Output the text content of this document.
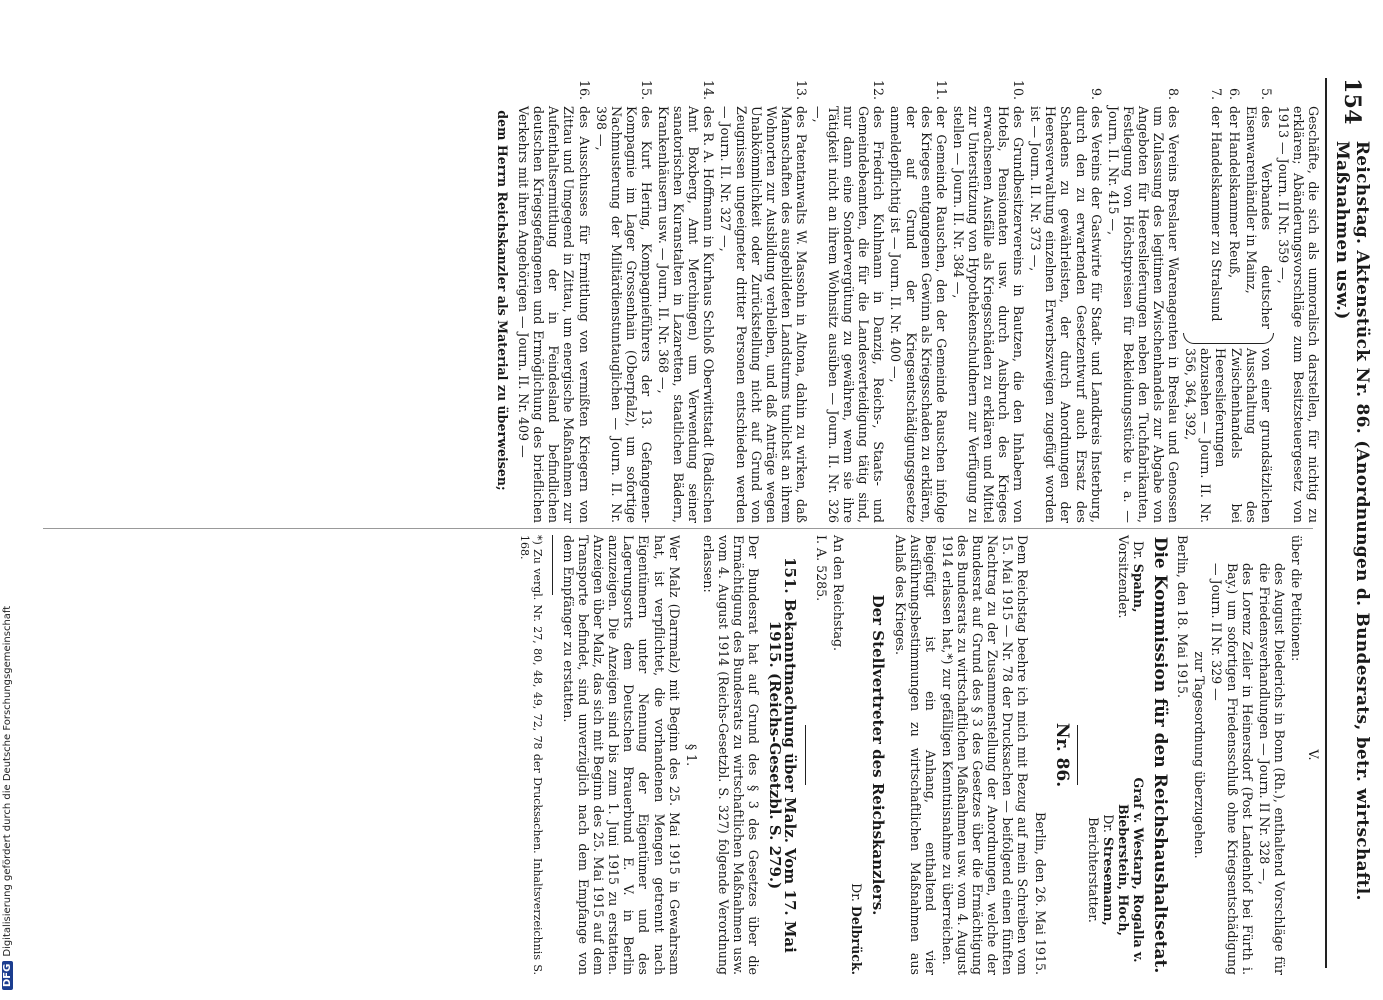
DFGDigitalisierung gefördert durch die Deutsche Forschungsgemeinschaft
154
Reichstag. Aktenstück Nr. 86. (Anordnungen d. Bundesrats, betr. wirtschaftl. Maßnahmen usw.)

Geschäfte, die sich als unmoralisch darstellen, für nichtig zu erklären; Abänderungsvorschläge zum Besitzsteuergesetz von 1913 — Journ. II Nr. 359 —,

5.
des Verbandes deutscher Eisenwarenhändler in Mainz,
6.
der Handelskammer Reuß,
7.
der Handelskammer zu Stralsund
von einer grundsätzlichen Ausschaltung des Zwischenhandels bei Heereslieferungen abzusehen — Journ. II. Nr. 356, 364, 392,
8.
des Vereins Breslauer Warenagenten in Breslau und Genossen um Zulassung des legitimen Zwischenhandels zur Abgabe von Angeboten für Heereslieferungen neben den Tuchfabrikanten, Festlegung von Höchstpreisen für Bekleidungsstücke u. a. — Journ. II. Nr. 415 —,
9.
des Vereins der Gastwirte für Stadt- und Landkreis Insterburg, durch den zu erwartenden Gesetzentwurf auch Ersatz des Schadens zu gewährleisten, der durch Anordnungen der Heeresverwaltung einzelnen Erwerbszweigen zugefügt worden ist — Journ. II. Nr. 373 —,
10.
des Grundbesitzervereins in Bautzen, die den Inhabern von Hotels, Pensionaten usw. durch Ausbruch des Krieges erwachsenen Ausfälle als Kriegsschäden zu erklären und Mittel zur Unterstützung von Hypothekenschuldnern zur Verfügung zu stellen — Journ. II. Nr. 384 —,
11.
der Gemeinde Rauschen, den der Gemeinde Rauschen infolge des Krieges entgangenen Gewinn als Kriegsschaden zu erklären, der auf Grund der Kriegsentschädigungsgesetze anmeldepflichtig ist — Journ. II. Nr. 400 —,
12.
des Friedrich Kuhlmann in Danzig, Reichs-, Staats- und Gemeindebeamten, die für die Landesverteidigung tätig sind, nur dann eine Sondervergütung zu gewähren, wenn sie ihre Tätigkeit nicht an ihrem Wohnsitz ausüben — Journ. II. Nr. 326 —,
13.
des Patentanwalts W. Massohn in Altona, dahin zu wirken, daß Mannschaften des ausgebildeten Landsturms tunlichst an ihrem Wohnorten zur Ausbildung verbleiben, und daß Anträge wegen Unabkömmlichkeit oder Zurückstellung nicht auf Grund von Zeugnissen ungeeigneter dritter Personen entschieden werden — Journ. II. Nr. 327 —,
14.
des R. A. Hoffmann in Kurhaus Schloß Oberwittstadt (Badischen Amt Boxberg, Amt Merchingen) um Verwendung seiner sanatorischen Kuranstalten in Lazaretten, staatlichen Bädern, Krankenhäusern usw. — Journ. II. Nr. 368 —,
15.
des Kurt Hering, Kompagnieführers der 13. Gefangenen-Kompagnie im Lager Grossenhain (Oberpfalz), um sofortige Nachmusterung der Militärdienstuntauglichen — Journ. II. Nr. 398 —,
16.
des Ausschusses für Ermittlung von vermißten Kriegern von Zittau und Umgegend in Zittau, um energische Maßnahmen zur Aufenthaltsermittlung der in Feindesland befindlichen deutschen Kriegsgefangenen und Ermöglichung des brieflichen Verkehrs mit ihren Angehörigen — Journ. II. Nr. 409 —

dem Herrn Reichskanzler als Material zu überweisen;

V.

über die Petitionen:

des August Diederichs in Bonn (Rh.), enthaltend Vorschläge für die Friedensverhandlungen — Journ. II Nr. 328 —,

des Lorenz Zeiler in Heinersdorf (Post Landenhof bei Fürth i. Bay.) um sofortigen Friedensschluß ohne Kriegsentschädigung — Journ. II Nr. 329 —

zur Tagesordnung überzugehen.

Berlin, den 18. Mai 1915.

Die Kommission für den Reichshaushaltsetat.
Dr. Spahn,
Vorsitzender.
Graf v. Westarp, Rogalla v. Bieberstein, Hoch,
Dr. Stresemann,
Berichterstatter.
Nr. 86.

Berlin, den 26. Mai 1915.

Dem Reichstag beehre ich mich mit Bezug auf mein Schreiben vom 15. Mai 1915 — Nr. 78 der Drucksachen — beifolgend einen fünften Nachtrag zu der Zusammenstellung der Anordnungen, welche der Bundesrat auf Grund des § 3 des Gesetzes über die Ermächtigung des Bundesrats zu wirtschaftlichen Maßnahmen usw. vom 4. August 1914 erlassen hat,*) zur gefälligen Kenntnisnahme zu überreichen.

Beigefügt ist ein Anhang, enthaltend vier Ausführungsbestimmungen zu wirtschaftlichen Maßnahmen aus Anlaß des Krieges.

Der Stellvertreter des Reichskanzlers.

Dr. Delbrück.

An den Reichstag.

I. A. 5285.

151. Bekanntmachung über Malz. Vom 17. Mai 1915. (Reichs-Gesetzbl. S. 279.)

Der Bundesrat hat auf Grund des § 3 des Gesetzes über die Ermächtigung des Bundesrats zu wirtschaftlichen Maßnahmen usw. vom 4. August 1914 (Reichs-Gesetzbl. S. 327) folgende Verordnung erlassen:

§ 1.

Wer Malz (Darrmalz) mit Beginn des 25. Mai 1915 in Gewahrsam hat, ist verpflichtet, die vorhandenen Mengen getrennt nach Eigentümern unter Nennung der Eigentümer und des Lagerungsorts dem Deutschen Brauerbund E. V. in Berlin anzuzeigen. Die Anzeigen sind bis zum 1. Juni 1915 zu erstatten. Anzeigen über Malz, das sich mit Beginn des 25. Mai 1915 auf dem Transporte befindet, sind unverzüglich nach dem Empfange von dem Empfänger zu erstatten.

*) Zu vergl. Nr. 27, 80, 48, 49, 72, 78 der Drucksachen. Inhaltsverzeichnis S. 168.
